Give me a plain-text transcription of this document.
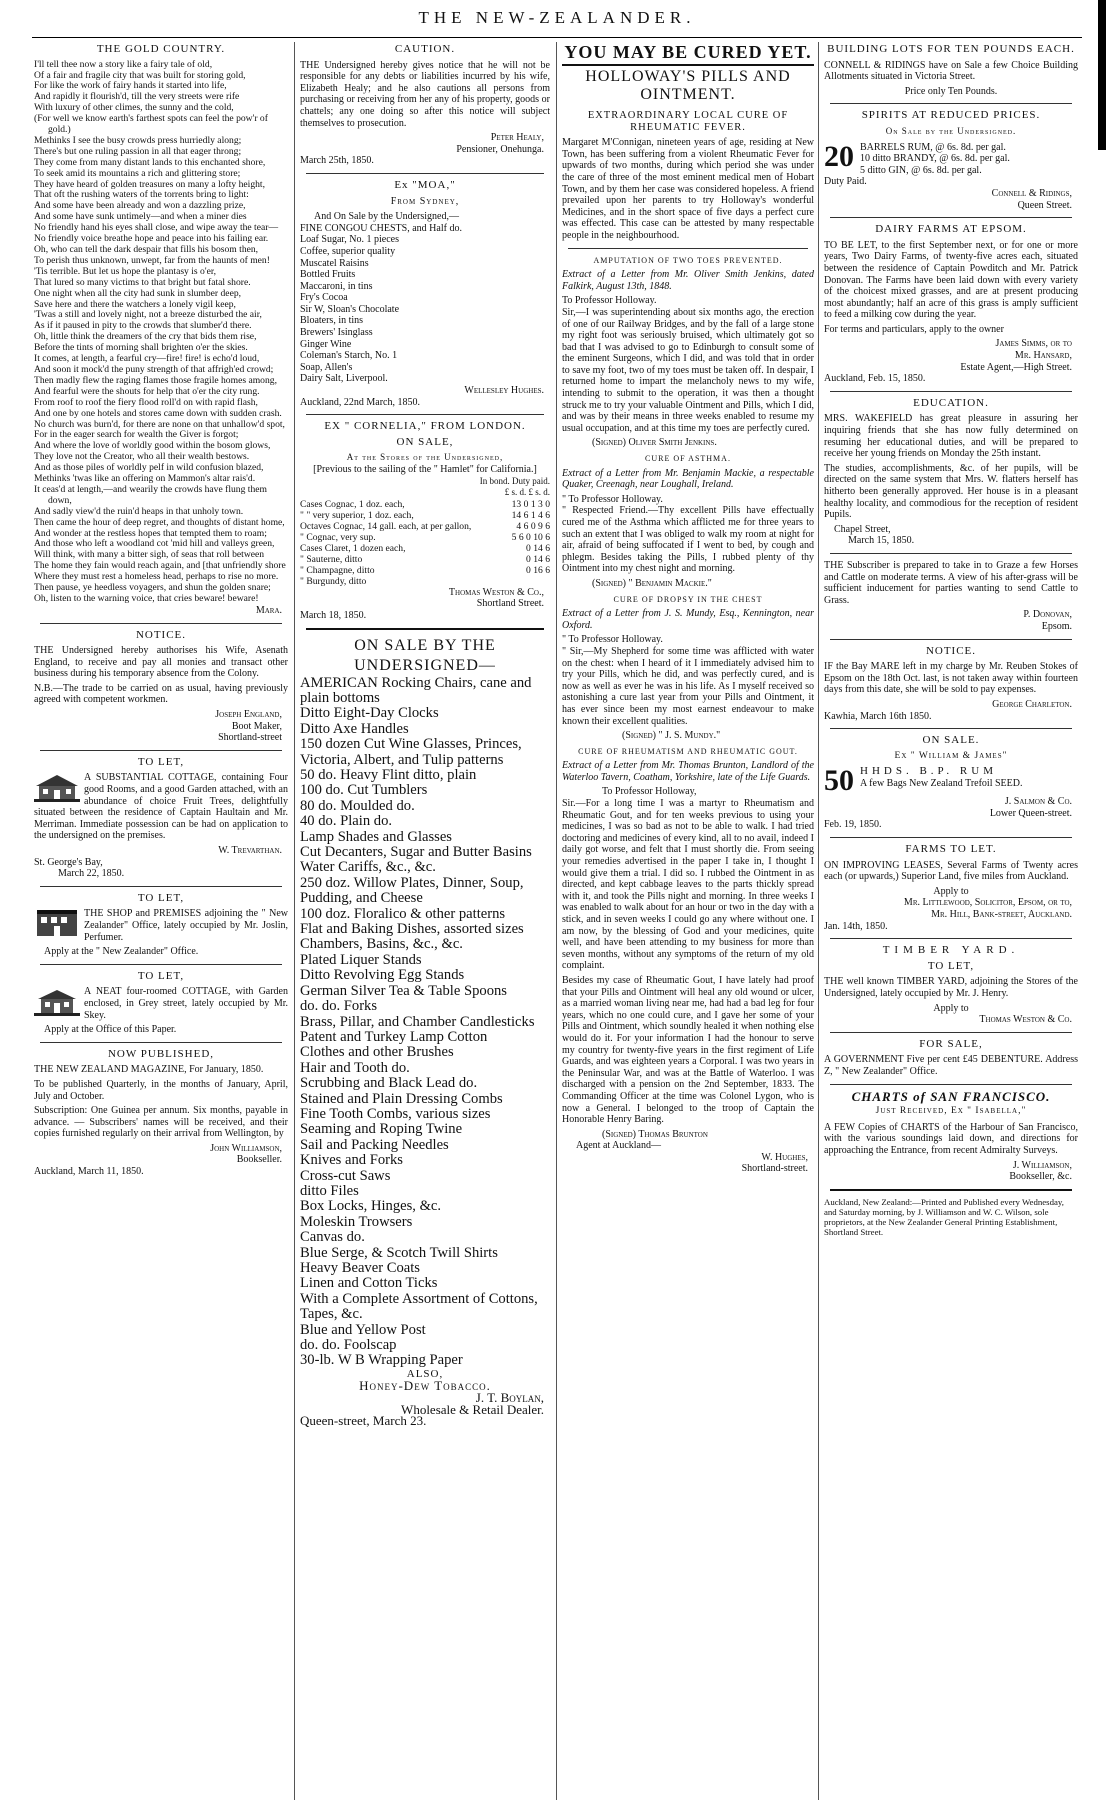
THE NEW-ZEALANDER.
THE GOLD COUNTRY.
I'll tell thee now a story like a fairy tale of old,
Of a fair and fragile city that was built for storing gold,
For like the work of fairy hands it started into life,
And rapidly it flourish'd, till the very streets were rife
With luxury of other climes, the sunny and the cold,
(For well we know earth's farthest spots can feel the pow'r of gold.)
Methinks I see the busy crowds press hurriedly along;
There's but one ruling passion in all that eager throng;
They come from many distant lands to this enchanted shore,
To seek amid its mountains a rich and glittering store;
They have heard of golden treasures on many a lofty height,
That oft the rushing waters of the torrents bring to light:
And some have been already and won a dazzling prize,
And some have sunk untimely—and when a miner dies
No friendly hand his eyes shall close, and wipe away the tear—
No friendly voice breathe hope and peace into his failing ear.
Oh, who can tell the dark despair that fills his bosom then,
To perish thus unknown, unwept, far from the haunts of men!
'Tis terrible. But let us hope the plantasy is o'er,
That lured so many victims to that bright but fatal shore.
One night when all the city had sunk in slumber deep,
Save here and there the watchers a lonely vigil keep,
'Twas a still and lovely night, not a breeze disturbed the air,
As if it paused in pity to the crowds that slumber'd there.
Oh, little think the dreamers of the cry that bids them rise,
Before the tints of morning shall brighten o'er the skies.
It comes, at length, a fearful cry—fire! fire! is echo'd loud,
And soon it mock'd the puny strength of that affrigh'ed crowd;
Then madly flew the raging flames those fragile homes among,
And fearful were the shouts for help that o'er the city rung.
From roof to roof the fiery flood roll'd on with rapid flash,
And one by one hotels and stores came down with sudden crash.
No church was burn'd, for there are none on that unhallow'd spot,
For in the eager search for wealth the Giver is forgot;
And where the love of worldly good within the bosom glows,
They love not the Creator, who all their wealth bestows.
And as those piles of worldly pelf in wild confusion blazed,
Methinks 'twas like an offering on Mammon's altar rais'd.
It ceas'd at length,—and wearily the crowds have flung them down,
And sadly view'd the ruin'd heaps in that unholy town.
Then came the hour of deep regret, and thoughts of distant home,
And wonder at the restless hopes that tempted them to roam;
And those who left a woodland cot 'mid hill and valleys green,
Will think, with many a bitter sigh, of seas that roll between
The home they fain would reach again, and [that unfriendly shore
Where they must rest a homeless head, perhaps to rise no more.
Then pause, ye heedless voyagers, and shun the golden snare;
Oh, listen to the warning voice, that cries beware! beware!
Mara.
NOTICE.

THE Undersigned hereby authorises his Wife, Asenath England, to receive and pay all monies and transact other business during his temporary absence from the Colony.

N.B.—The trade to be carried on as usual, having previously agreed with competent workmen.

Joseph England,
Boot Maker,
Shortland-street
TO LET,

A SUBSTANTIAL COTTAGE, containing Four good Rooms, and a good Garden attached, with an abundance of choice Fruit Trees, delightfully situated between the residence of Captain Haultain and Mr. Merriman. Immediate possession can be had on application to the undersigned on the premises.

W. Trevarthan.
St. George's Bay,
March 22, 1850.
TO LET,

THE SHOP and PREMISES adjoining the " New Zealander" Office, lately occupied by Mr. Joslin, Perfumer.

Apply at the " New Zealander" Office.
TO LET,

A NEAT four-roomed COTTAGE, with Garden enclosed, in Grey street, lately occupied by Mr. Skey.

Apply at the Office of this Paper.
NOW PUBLISHED,

THE NEW ZEALAND MAGAZINE, For January, 1850.

To be published Quarterly, in the months of January, April, July and October.

Subscription: One Guinea per annum. Six months, payable in advance. — Subscribers' names will be received, and their copies furnished regularly on their arrival from Wellington, by

John Williamson,
Bookseller.
Auckland, March 11, 1850.
CAUTION.

THE Undersigned hereby gives notice that he will not be responsible for any debts or liabilities incurred by his wife, Elizabeth Healy; and he also cautions all persons from purchasing or receiving from her any of his property, goods or chattels; any one doing so after this notice will subject themselves to prosecution.

Peter Healy,
Pensioner, Onehunga.
March 25th, 1850.
Ex "MOA,"
From Sydney,
And On Sale by the Undersigned,—
FINE CONGOU CHESTS, and Half do.
Loaf Sugar, No. 1 pieces
Coffee, superior quality
Muscatel Raisins
Bottled Fruits
Maccaroni, in tins
Fry's Cocoa
Sir W, Sloan's Chocolate
Bloaters, in tins
Brewers' Isinglass
Ginger Wine
Coleman's Starch, No. 1
Soap, Allen's
Dairy Salt, Liverpool.
Wellesley Hughes.
Auckland, 22nd March, 1850.
EX " CORNELIA," FROM LONDON.
ON SALE,
At the Stores of the Undersigned,
[Previous to the sailing of the " Hamlet" for California.]
In bond. Duty paid.
£ s. d. £ s. d.
Cases Cognac, 1 doz. each,	13 0 1 3 0
" " very superior, 1 doz. each,	14 6 1 4 6
Octaves Cognac, 14 gall. each, at per gallon,	4 6 0 9 6
" Cognac, very sup.	5 6 0 10 6
Cases Claret, 1 dozen each,	0 14 6
" Sauterne, ditto	0 14 6
" Champagne, ditto	0 16 6
" Burgundy, ditto
Thomas Weston & Co.,
Shortland Street.
March 18, 1850.
ON SALE BY THE UNDERSIGNED—
AMERICAN Rocking Chairs, cane and plain bottoms
Ditto Eight-Day Clocks
Ditto Axe Handles
150 dozen Cut Wine Glasses, Princes, Victoria, Albert, and Tulip patterns
50 do. Heavy Flint ditto, plain
100 do. Cut Tumblers
80 do. Moulded do.
40 do. Plain do.
Lamp Shades and Glasses
Cut Decanters, Sugar and Butter Basins
Water Cariffs, &c., &c.
250 doz. Willow Plates, Dinner, Soup, Pudding, and Cheese
100 doz. Floralico & other patterns
Flat and Baking Dishes, assorted sizes
Chambers, Basins, &c., &c.
Plated Liquer Stands
Ditto Revolving Egg Stands
German Silver Tea & Table Spoons
do. do. Forks
Brass, Pillar, and Chamber Candlesticks
Patent and Turkey Lamp Cotton
Clothes and other Brushes
Hair and Tooth do.
Scrubbing and Black Lead do.
Stained and Plain Dressing Combs
Fine Tooth Combs, various sizes
Seaming and Roping Twine
Sail and Packing Needles
Knives and Forks
Cross-cut Saws
ditto Files
Box Locks, Hinges, &c.
Moleskin Trowsers
Canvas do.
Blue Serge, & Scotch Twill Shirts
Heavy Beaver Coats
Linen and Cotton Ticks
With a Complete Assortment of Cottons, Tapes, &c.
Blue and Yellow Post
do. do. Foolscap
30-lb. W B Wrapping Paper
ALSO,
Honey-Dew Tobacco.
J. T. Boylan,
Wholesale & Retail Dealer.
Queen-street, March 23.
YOU MAY BE CURED YET.
HOLLOWAY'S PILLS AND OINTMENT.
EXTRAORDINARY LOCAL CURE OF RHEUMATIC FEVER.

Margaret M'Connigan, nineteen years of age, residing at New Town, has been suffering from a violent Rheumatic Fever for upwards of two months, during which period she was under the care of three of the most eminent medical men of Hobart Town, and by them her case was considered hopeless. A friend prevailed upon her parents to try Holloway's wonderful Medicines, and in the short space of five days a perfect cure was effected. This case can be attested by many respectable people in the neighbourhood.

AMPUTATION OF TWO TOES PREVENTED.

Extract of a Letter from Mr. Oliver Smith Jenkins, dated Falkirk, August 13th, 1848.

To Professor Holloway.

Sir,—I was superintending about six months ago, the erection of one of our Railway Bridges, and by the fall of a large stone my right foot was seriously bruised, which ultimately got so bad that I was advised to go to Edinburgh to consult some of the eminent Surgeons, which I did, and was told that in order to save my foot, two of my toes must be taken off. In despair, I returned home to impart the melancholy news to my wife, intending to submit to the operation, it was then a thought struck me to try your valuable Ointment and Pills, which I did, and was by their means in three weeks enabled to resume my usual occupation, and at this time my toes are perfectly cured.

(Signed) Oliver Smith Jenkins.
CURE OF ASTHMA.

Extract of a Letter from Mr. Benjamin Mackie, a respectable Quaker, Creenagh, near Loughall, Ireland.

" To Professor Holloway.

" Respected Friend.—Thy excellent Pills have effectually cured me of the Asthma which afflicted me for three years to such an extent that I was obliged to walk my room at night for air, afraid of being suffocated if I went to bed, by cough and phlegm. Besides taking the Pills, I rubbed plenty of thy Ointment into my chest night and morning.

(Signed) " Benjamin Mackie."
CURE OF DROPSY IN THE CHEST

Extract of a Letter from J. S. Mundy, Esq., Kennington, near Oxford.

" To Professor Holloway.

" Sir,—My Shepherd for some time was afflicted with water on the chest: when I heard of it I immediately advised him to try your Pills, which he did, and was perfectly cured, and is now as well as ever he was in his life. As I myself received so astonishing a cure last year from your Pills and Ointment, it has ever since been my most earnest endeavour to make known their excellent qualities.

(Signed) " J. S. Mundy."
CURE OF RHEUMATISM AND RHEUMATIC GOUT.

Extract of a Letter from Mr. Thomas Brunton, Landlord of the Waterloo Tavern, Coatham, Yorkshire, late of the Life Guards.

To Professor Holloway,

Sir.—For a long time I was a martyr to Rheumatism and Rheumatic Gout, and for ten weeks previous to using your medicines, I was so bad as not to be able to walk. I had tried doctoring and medicines of every kind, all to no avail, indeed I daily got worse, and felt that I must shortly die. From seeing your remedies advertised in the paper I take in, I thought I would give them a trial. I did so. I rubbed the Ointment in as directed, and kept cabbage leaves to the parts thickly spread with it, and took the Pills night and morning. In three weeks I was enabled to walk about for an hour or two in the day with a stick, and in seven weeks I could go any where without one. I am now, by the blessing of God and your medicines, quite well, and have been attending to my business for more than seven months, without any symptoms of the return of my old complaint.

Besides my case of Rheumatic Gout, I have lately had proof that your Pills and Ointment will heal any old wound or ulcer, as a married woman living near me, had had a bad leg for four years, which no one could cure, and I gave her some of your Pills and Ointment, which soundly healed it when nothing else would do it. For your information I had the honour to serve my country for twenty-five years in the first regiment of Life Guards, and was eighteen years a Corporal. I was two years in the Peninsular War, and was at the Battle of Waterloo. I was discharged with a pension on the 2nd September, 1833. The Commanding Officer at the time was Colonel Lygon, who is now a General. I belonged to the troop of Captain the Honorable Henry Baring.

(Signed) Thomas Brunton
Agent at Auckland—
W. Hughes,
Shortland-street.
BUILDING LOTS FOR TEN POUNDS EACH.

CONNELL & RIDINGS have on Sale a few Choice Building Allotments situated in Victoria Street.

Price only Ten Pounds.
SPIRITS AT REDUCED PRICES.
On Sale by the Undersigned.
20 BARRELS RUM, @ 6s. 8d. per gal.
10 ditto BRANDY, @ 6s. 8d. per gal.
5 ditto GIN, @ 6s. 8d. per gal.
Duty Paid.
Connell & Ridings,
Queen Street.
DAIRY FARMS AT EPSOM.

TO BE LET, to the first September next, or for one or more years, Two Dairy Farms, of twenty-five acres each, situated between the residence of Captain Powditch and Mr. Patrick Donovan. The Farms have been laid down with every variety of the choicest mixed grasses, and are at present producing most abundantly; half an acre of this grass is amply sufficient to feed a milking cow during the year.

For terms and particulars, apply to the owner

James Simms, or to
Mr. Hansard,
Estate Agent,—High Street.
Auckland, Feb. 15, 1850.
EDUCATION.

MRS. WAKEFIELD has great pleasure in assuring her inquiring friends that she has now fully determined on resuming her educational duties, and will be prepared to receive her young friends on Monday the 25th instant.

The studies, accomplishments, &c. of her pupils, will be directed on the same system that Mrs. W. flatters herself has hitherto been generally approved. Her house is in a pleasant healthy locality, and commodious for the reception of resident Pupils.

Chapel Street,
March 15, 1850.

THE Subscriber is prepared to take in to Graze a few Horses and Cattle on moderate terms. A view of his after-grass will be sufficient inducement for parties wanting to send Cattle to Grass.

P. Donovan,
Epsom.
NOTICE.

IF the Bay MARE left in my charge by Mr. Reuben Stokes of Epsom on the 18th Oct. last, is not taken away within fourteen days from this date, she will be sold to pay expenses.

George Charleton.
Kawhia, March 16th 1850.
ON SALE.
Ex " William & James"
50 HHDS. B.P. RUM
A few Bags New Zealand Trefoil SEED.
J. Salmon & Co.
Lower Queen-street.
Feb. 19, 1850.
FARMS TO LET.

ON IMPROVING LEASES, Several Farms of Twenty acres each (or upwards,) Superior Land, five miles from Auckland.

Apply to
Mr. Littlewood, Solicitor, Epsom, or to,
Mr. Hill, Bank-street, Auckland.
Jan. 14th, 1850.
TIMBER YARD.
TO LET,

THE well known TIMBER YARD, adjoining the Stores of the Undersigned, lately occupied by Mr. J. Henry.

Apply to
Thomas Weston & Co.
FOR SALE,

A GOVERNMENT Five per cent £45 DEBENTURE. Address Z, " New Zealander" Office.

CHARTS of SAN FRANCISCO.
Just Received, Ex " Isabella,"

A FEW Copies of CHARTS of the Harbour of San Francisco, with the various soundings laid down, and directions for approaching the Entrance, from recent Admiralty Surveys.

J. Williamson,
Bookseller, &c.
Auckland, New Zealand:—Printed and Published every Wednesday, and Saturday morning, by J. Williamson and W. C. Wilson, sole proprietors, at the New Zealander General Printing Establishment, Shortland Street.
